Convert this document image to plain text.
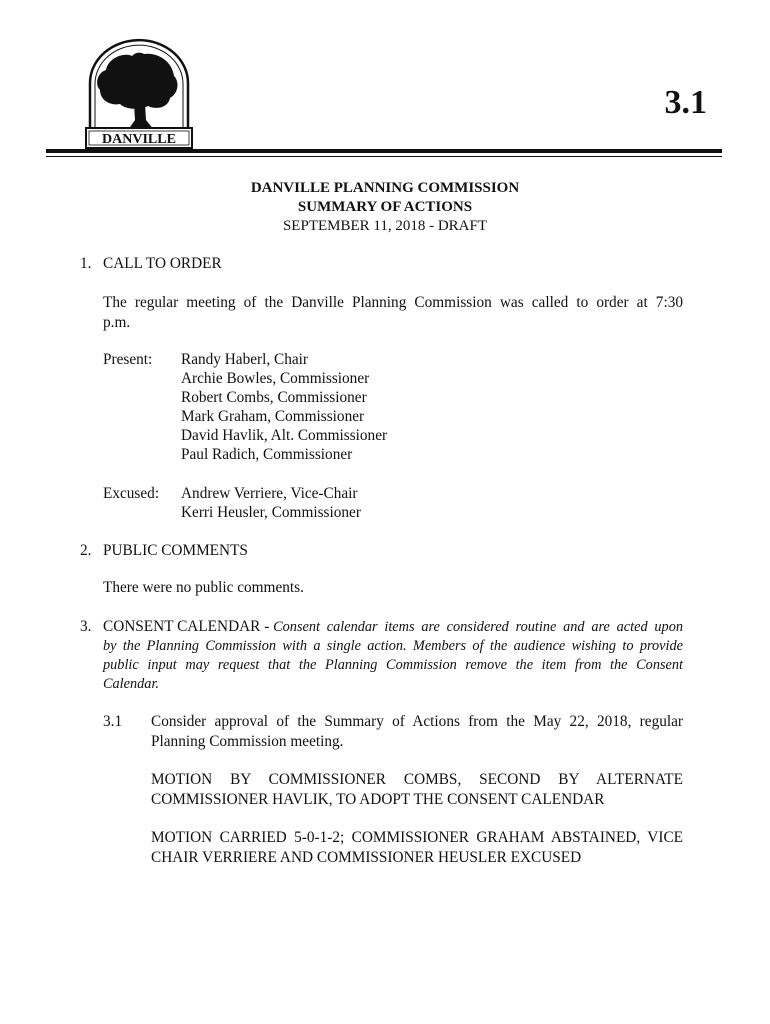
DANVILLE
3.1
DANVILLE PLANNING COMMISSION
SUMMARY OF ACTIONS
SEPTEMBER 11, 2018 - DRAFT
1. CALL TO ORDER
The regular meeting of the Danville Planning Commission was called to order at 7:30
p.m.
Present: Randy Haberl, Chair
Archie Bowles, Commissioner
Robert Combs, Commissioner
Mark Graham, Commissioner
David Havlik, Alt. Commissioner
Paul Radich, Commissioner
Excused: Andrew Verriere, Vice-Chair
Kerri Heusler, Commissioner
2. PUBLIC COMMENTS
There were no public comments.
3. CONSENT CALENDAR - Consent calendar items are considered routine and are acted upon
by the Planning Commission with a single action. Members of the audience wishing to provide
public input may request that the Planning Commission remove the item from the Consent
Calendar.
3.1 Consider approval of the Summary of Actions from the May 22, 2018, regular
Planning Commission meeting.
MOTION BY COMMISSIONER COMBS, SECOND BY ALTERNATE
COMMISSIONER HAVLIK, TO ADOPT THE CONSENT CALENDAR
MOTION CARRIED 5-0-1-2; COMMISSIONER GRAHAM ABSTAINED, VICE
CHAIR VERRIERE AND COMMISSIONER HEUSLER EXCUSED
